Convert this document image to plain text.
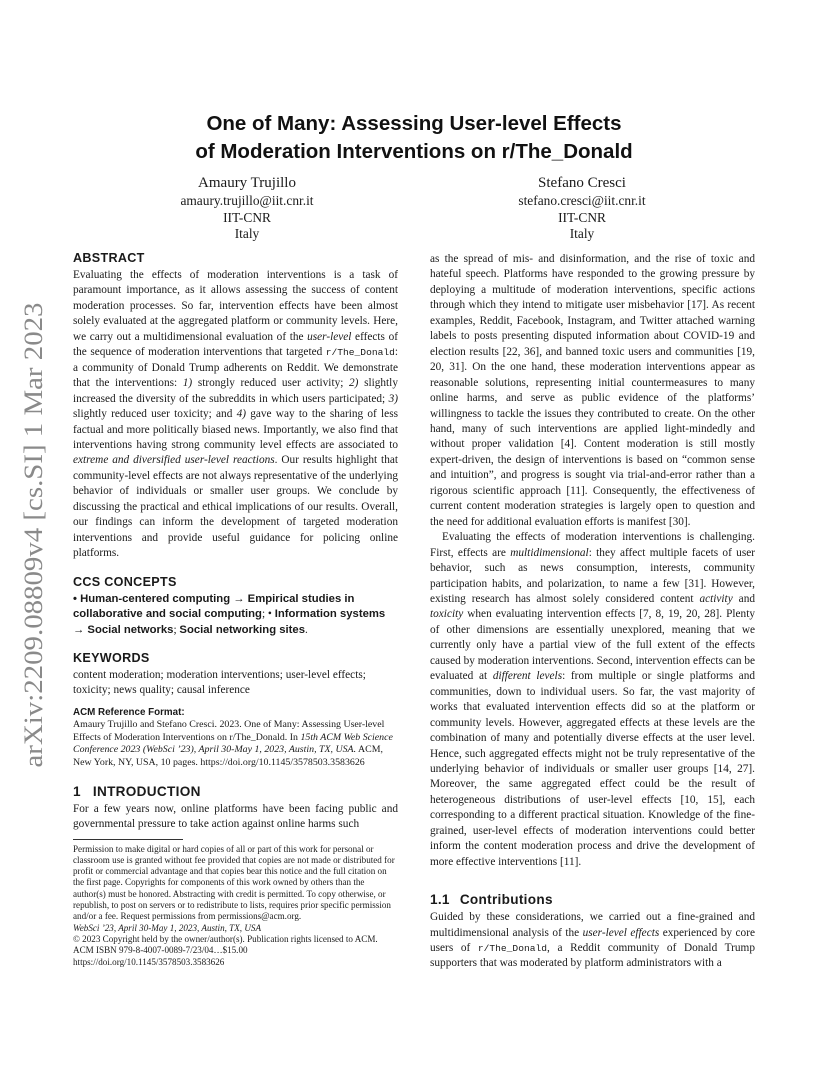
arXiv:2209.08809v4 [cs.SI] 1 Mar 2023
One of Many: Assessing User-level Effects
of Moderation Interventions on r/The_Donald
Amaury Trujillo
amaury.trujillo@iit.cnr.it
IIT-CNR
Italy
Stefano Cresci
stefano.cresci@iit.cnr.it
IIT-CNR
Italy
ABSTRACT

Evaluating the effects of moderation interventions is a task of paramount importance, as it allows assessing the success of content moderation processes. So far, intervention effects have been almost solely evaluated at the aggregated platform or community levels. Here, we carry out a multidimensional evaluation of the user-level effects of the sequence of moderation interventions that targeted r/The_Donald: a community of Donald Trump adherents on Reddit. We demonstrate that the interventions: 1) strongly reduced user activity; 2) slightly increased the diversity of the subreddits in which users participated; 3) slightly reduced user toxicity; and 4) gave way to the sharing of less factual and more politically biased news. Importantly, we also find that interventions having strong community level effects are associated to extreme and diversified user-level reactions. Our results highlight that community-level effects are not always representative of the underlying behavior of individuals or smaller user groups. We conclude by discussing the practical and ethical implications of our results. Overall, our findings can inform the development of targeted moderation interventions and provide useful guidance for policing online platforms.

CCS CONCEPTS

• Human-centered computing → Empirical studies in collaborative and social computing; • Information systems → Social networks; Social networking sites.

KEYWORDS

content moderation; moderation interventions; user-level effects; toxicity; news quality; causal inference

ACM Reference Format:

Amaury Trujillo and Stefano Cresci. 2023. One of Many: Assessing User-level Effects of Moderation Interventions on r/The_Donald. In 15th ACM Web Science Conference 2023 (WebSci ’23), April 30-May 1, 2023, Austin, TX, USA. ACM, New York, NY, USA, 10 pages. https://doi.org/10.1145/3578503.3583626

1 INTRODUCTION

For a few years now, online platforms have been facing public and governmental pressure to take action against online harms such

Permission to make digital or hard copies of all or part of this work for personal or classroom use is granted without fee provided that copies are not made or distributed for profit or commercial advantage and that copies bear this notice and the full citation on the first page. Copyrights for components of this work owned by others than the author(s) must be honored. Abstracting with credit is permitted. To copy otherwise, or republish, to post on servers or to redistribute to lists, requires prior specific permission and/or a fee. Request permissions from permissions@acm.org.

WebSci ’23, April 30-May 1, 2023, Austin, TX, USA

© 2023 Copyright held by the owner/author(s). Publication rights licensed to ACM.

ACM ISBN 979-8-4007-0089-7/23/04…$15.00

https://doi.org/10.1145/3578503.3583626

as the spread of mis- and disinformation, and the rise of toxic and hateful speech. Platforms have responded to the growing pressure by deploying a multitude of moderation interventions, specific actions through which they intend to mitigate user misbehavior [17]. As recent examples, Reddit, Facebook, Instagram, and Twitter attached warning labels to posts presenting disputed information about COVID-19 and election results [22, 36], and banned toxic users and communities [19, 20, 31]. On the one hand, these moderation interventions appear as reasonable solutions, representing initial countermeasures to many online harms, and serve as public evidence of the platforms’ willingness to tackle the issues they contributed to create. On the other hand, many of such interventions are applied light-mindedly and without proper validation [4]. Content moderation is still mostly expert-driven, the design of interventions is based on “common sense and intuition”, and progress is sought via trial-and-error rather than a rigorous scientific approach [11]. Consequently, the effectiveness of current content moderation strategies is largely open to question and the need for additional evaluation efforts is manifest [30].

Evaluating the effects of moderation interventions is challenging. First, effects are multidimensional: they affect multiple facets of user behavior, such as news consumption, interests, community participation habits, and polarization, to name a few [31]. However, existing research has almost solely considered content activity and toxicity when evaluating intervention effects [7, 8, 19, 20, 28]. Plenty of other dimensions are essentially unexplored, meaning that we currently only have a partial view of the full extent of the effects caused by moderation interventions. Second, intervention effects can be evaluated at different levels: from multiple or single platforms and communities, down to individual users. So far, the vast majority of works that evaluated intervention effects did so at the platform or community levels. However, aggregated effects at these levels are the combination of many and potentially diverse effects at the user level. Hence, such aggregated effects might not be truly representative of the underlying behavior of individuals or smaller user groups [14, 27]. Moreover, the same aggregated effect could be the result of heterogeneous distributions of user-level effects [10, 15], each corresponding to a different practical situation. Knowledge of the fine-grained, user-level effects of moderation interventions could better inform the content moderation process and drive the development of more effective interventions [11].

1.1 Contributions

Guided by these considerations, we carried out a fine-grained and multidimensional analysis of the user-level effects experienced by core users of r/The_Donald, a Reddit community of Donald Trump supporters that was moderated by platform administrators with a
